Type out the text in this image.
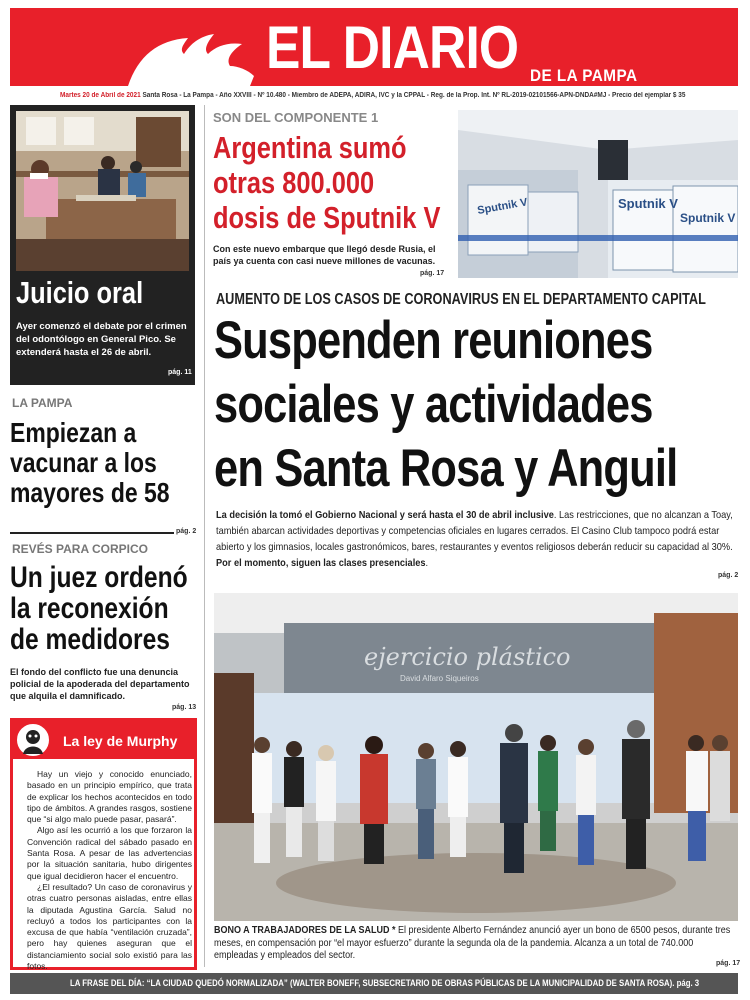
EL DIARIO DE LA PAMPA
Martes 20 de Abril de 2021 Santa Rosa - La Pampa - Año XXVIII - Nº 10.480 - Miembro de ADEPA, ADIRA, IVC y la CPPAL - Reg. de la Prop. Int. Nº RL-2019-02101566-APN-DNDA#MJ - Precio del ejemplar $ 35
Juicio oral
Ayer comenzó el debate por el crimen del odontólogo en General Pico. Se extenderá hasta el 26 de abril.
pág. 11
LA PAMPA
Empiezan a
vacunar a los
mayores de 58
pág. 2
REVÉS PARA CORPICO
Un juez ordenó
la reconexión
de medidores
El fondo del conflicto fue una denuncia policial de la apoderada del departamento que alquila el damnificado.
pág. 13
La ley de Murphy

Hay un viejo y conocido enunciado, basado en un principio empírico, que trata de explicar los hechos acontecidos en todo tipo de ámbitos. A grandes rasgos, sostiene que “si algo malo puede pasar, pasará”.

Algo así les ocurrió a los que forzaron la Convención radical del sábado pasado en Santa Rosa. A pesar de las advertencias por la situación sanitaria, hubo dirigentes que igual decidieron hacer el encuentro.

¿El resultado? Un caso de coronavirus y otras cuatro personas aisladas, entre ellas la diputada Agustina García. Salud no recluyó a todos los participantes con la excusa de que había “ventilación cruzada”, pero hay quienes aseguran que el distanciamiento social solo existió para las fotos.

SON DEL COMPONENTE 1
Argentina sumó
otras 800.000
dosis de Sputnik V
Con este nuevo embarque que llegó desde Rusia, el país ya cuenta con casi nueve millones de vacunas.
pág. 17
Sputnik V
Sputnik V
Sputnik V
AUMENTO DE LOS CASOS DE CORONAVIRUS EN EL DEPARTAMENTO CAPITAL
Suspenden reuniones
sociales y actividades
en Santa Rosa y Anguil
La decisión la tomó el Gobierno Nacional y será hasta el 30 de abril inclusive. Las restricciones, que no alcanzan a Toay, también abarcan actividades deportivas y competencias oficiales en lugares cerrados. El Casino Club tampoco podrá estar abierto y los gimnasios, locales gastronómicos, bares, restaurantes y eventos religiosos deberán reducir su capacidad al 30%. Por el momento, siguen las clases presenciales.
pág. 2
ejercicio plástico
David Alfaro Siqueiros
BONO A TRABAJADORES DE LA SALUD * El presidente Alberto Fernández anunció ayer un bono de 6500 pesos, durante tres meses, en compensación por “el mayor esfuerzo” durante la segunda ola de la pandemia. Alcanza a un total de 740.000 empleadas y empleados del sector.
pág. 17
LA FRASE DEL DÍA: “LA CIUDAD QUEDÓ NORMALIZADA” (WALTER BONEFF, SUBSECRETARIO DE OBRAS PÚBLICAS DE LA MUNICIPALIDAD DE SANTA ROSA). pág. 3
